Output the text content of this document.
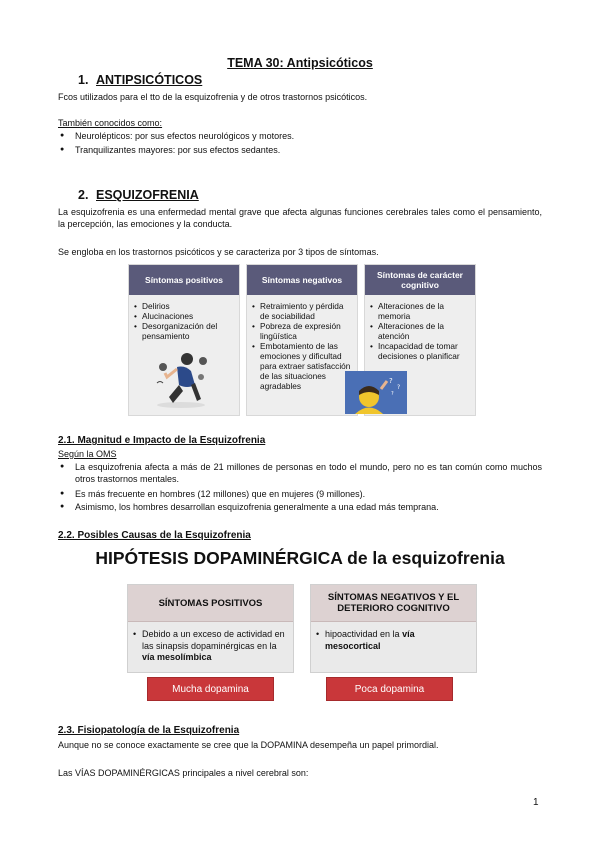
TEMA 30: Antipsicóticos
1. ANTIPSICÓTICOS
Fcos utilizados para el tto de la esquizofrenia y de otros trastornos psicóticos.
También conocidos como:
● Neurolépticos: por sus efectos neurológicos y motores.
● Tranquilizantes mayores: por sus efectos sedantes.
2. ESQUIZOFRENIA
La esquizofrenia es una enfermedad mental grave que afecta algunas funciones cerebrales tales como el pensamiento, la percepción, las emociones y la conducta.
Se engloba en los trastornos psicóticos y se caracteriza por 3 tipos de síntomas.
Síntomas positivos
• Delirios
• Alucinaciones
• Desorganización del pensamiento
Síntomas negativos
• Retraimiento y pérdida de sociabilidad
• Pobreza de expresión lingüística
• Embotamiento de las emociones y dificultad para extraer satisfacción de las situaciones agradables
Síntomas de carácter cognitivo
• Alteraciones de la memoria
• Alteraciones de la atención
• Incapacidad de tomar decisiones o planificar
?
?
?
2.1. Magnitud e Impacto de la Esquizofrenia
Según la OMS
● La esquizofrenia afecta a más de 21 millones de personas en todo el mundo, pero no es tan común como muchos otros trastornos mentales.
● Es más frecuente en hombres (12 millones) que en mujeres (9 millones).
● Asimismo, los hombres desarrollan esquizofrenia generalmente a una edad más temprana.
2.2. Posibles Causas de la Esquizofrenia
HIPÓTESIS DOPAMINÉRGICA de la esquizofrenia
SÍNTOMAS POSITIVOS
• Debido a un exceso de actividad en las sinapsis dopaminérgicas en la vía mesolímbica
Mucha dopamina
SÍNTOMAS NEGATIVOS Y EL DETERIORO COGNITIVO
• hipoactividad en la vía mesocortical
Poca dopamina
2.3. Fisiopatología de la Esquizofrenia
Aunque no se conoce exactamente se cree que la DOPAMINA desempeña un papel primordial.
Las VÍAS DOPAMINÉRGICAS principales a nivel cerebral son:
1
